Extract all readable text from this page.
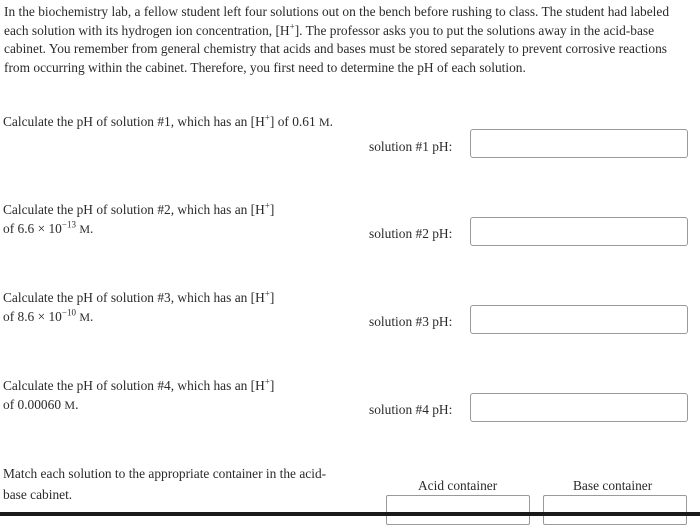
In the biochemistry lab, a fellow student left four solutions out on the bench before rushing to class. The student had labeled each solution with its hydrogen ion concentration, [H+]. The professor asks you to put the solutions away in the acid-base cabinet. You remember from general chemistry that acids and bases must be stored separately to prevent corrosive reactions from occurring within the cabinet. Therefore, you first need to determine the pH of each solution.
Calculate the pH of solution #1, which has an [H+] of 0.61 M.
solution #1 pH:
Calculate the pH of solution #2, which has an [H+]
of $6.6 \times 10^{-13}$ M.	solution #2 pH:
Calculate the pH of solution #3, which has an [H+]
of $8.6 \times 10^{-10}$ M.	solution #3 pH:
Calculate the pH of solution #4, which has an [H+]
of 0.00060 M.	solution #4 pH:
Match each solution to the appropriate container in the acid-base cabinet.
Acid container	Base container
